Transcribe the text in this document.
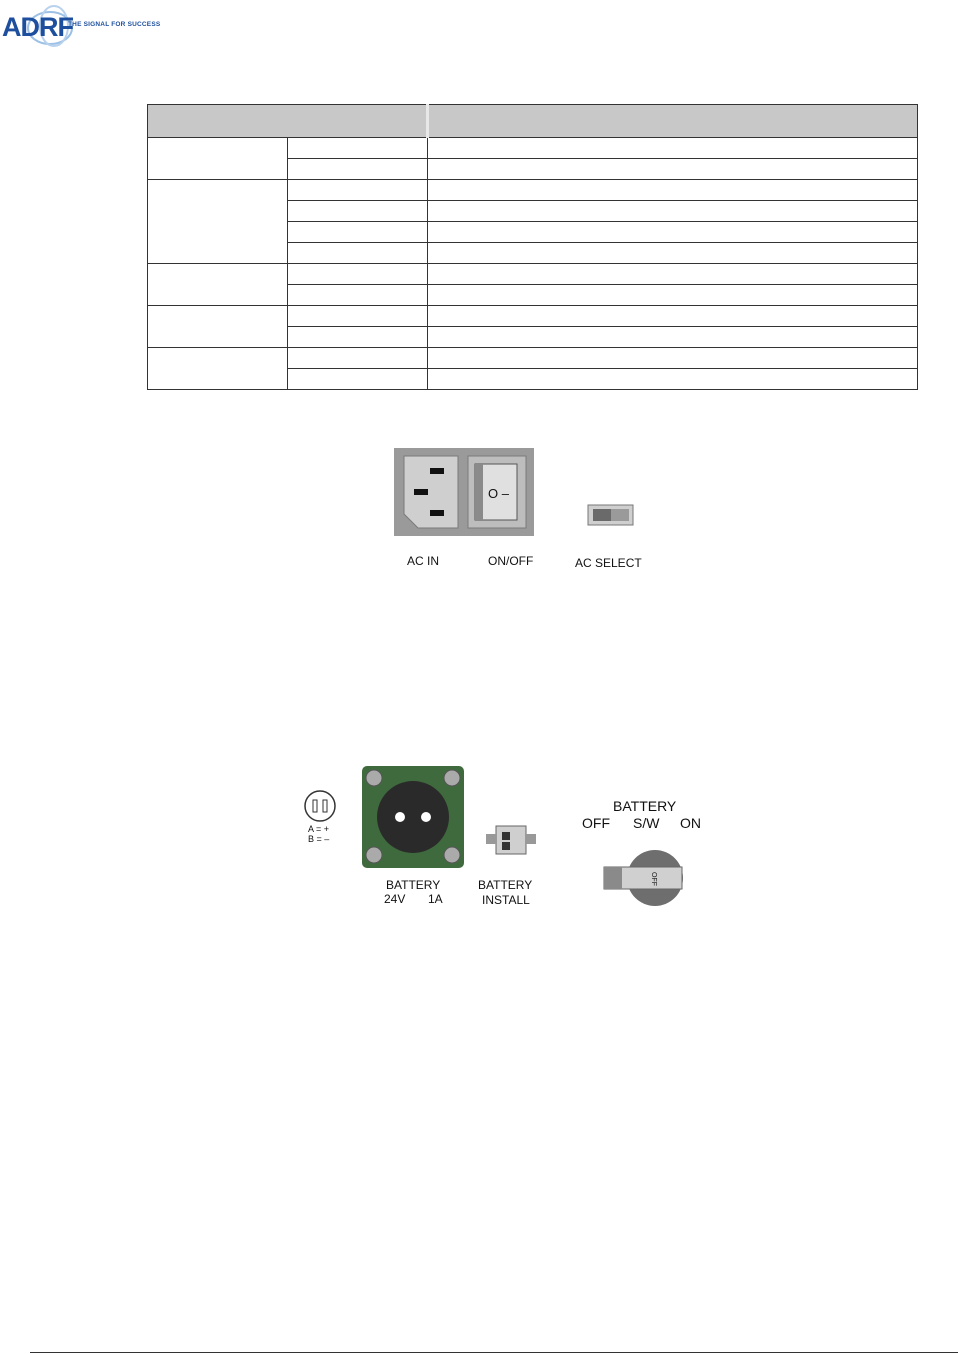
ADRF
THE SIGNAL FOR SUCCESS

O –
AC IN	ON/OFF	AC SELECT
A = +
B = –
BATTERY
24V 1A
BATTERY
INSTALL
BATTERY
OFF S/W ON
OFF
